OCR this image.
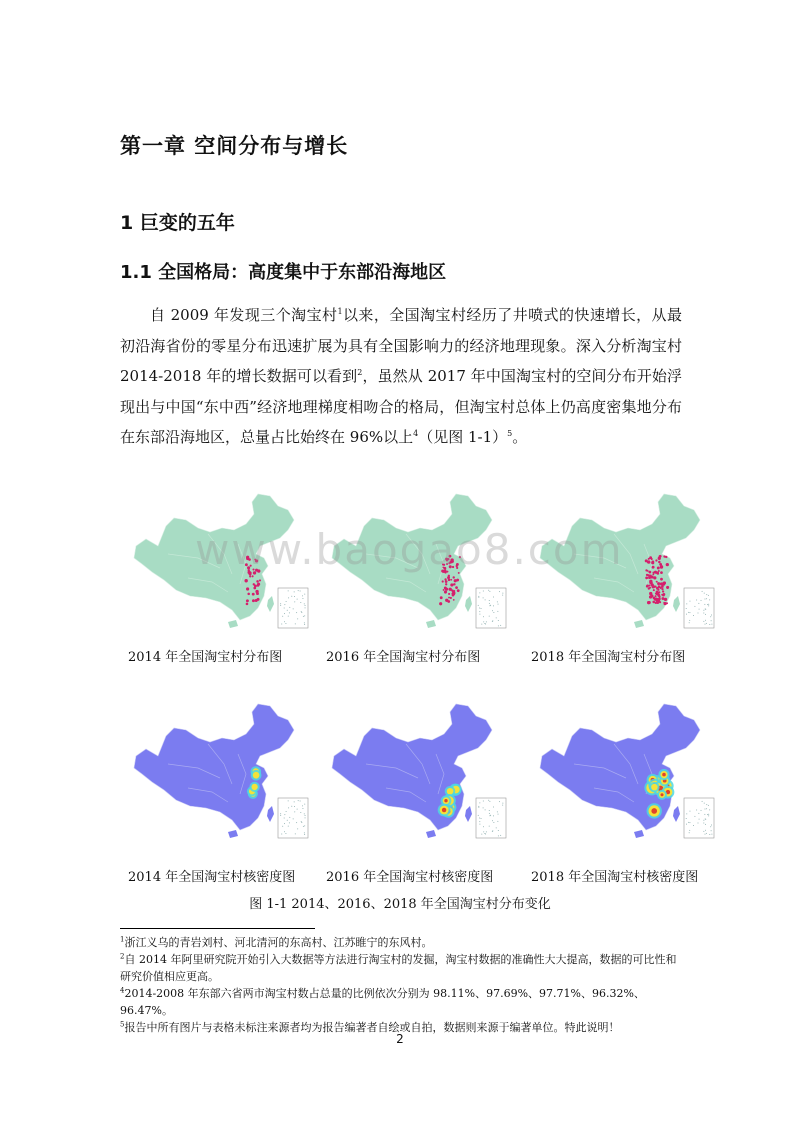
第一章 空间分布与增长
1 巨变的五年
1.1 全国格局：高度集中于东部沿海地区
自 2009 年发现三个淘宝村$^1$以来，全国淘宝村经历了井喷式的快速增长，从最初沿海省份的零星分布迅速扩展为具有全国影响力的经济地理现象。深入分析淘宝村 2014-2018 年的增长数据可以看到$^2$，虽然从 2017 年中国淘宝村的空间分布开始浮现出与中国“东中西”经济地理梯度相吻合的格局，但淘宝村总体上仍高度密集地分布在东部沿海地区，总量占比始终在 96%以上$^4$（见图 1-1）$^5$。
2014 年全国淘宝村分布图	2016 年全国淘宝村分布图	2018 年全国淘宝村分布图
2014 年全国淘宝村核密度图 2016 年全国淘宝村核密度图	2018 年全国淘宝村核密度图
图 1-1 2014、2016、2018 年全国淘宝村分布变化
www.baogao8.com

$^1$浙江义乌的青岩刘村、河北清河的东高村、江苏睢宁的东风村。

$^2$自 2014 年阿里研究院开始引入大数据等方法进行淘宝村的发掘，淘宝村数据的准确性大大提高，数据的可比性和研究价值相应更高。

$^4$2014-2008 年东部六省两市淘宝村数占总量的比例依次分别为 98.11%、97.69%、97.71%、96.32%、96.47%。

$^5$报告中所有图片与表格未标注来源者均为报告编著者自绘或自拍，数据则来源于编著单位。特此说明！

2
